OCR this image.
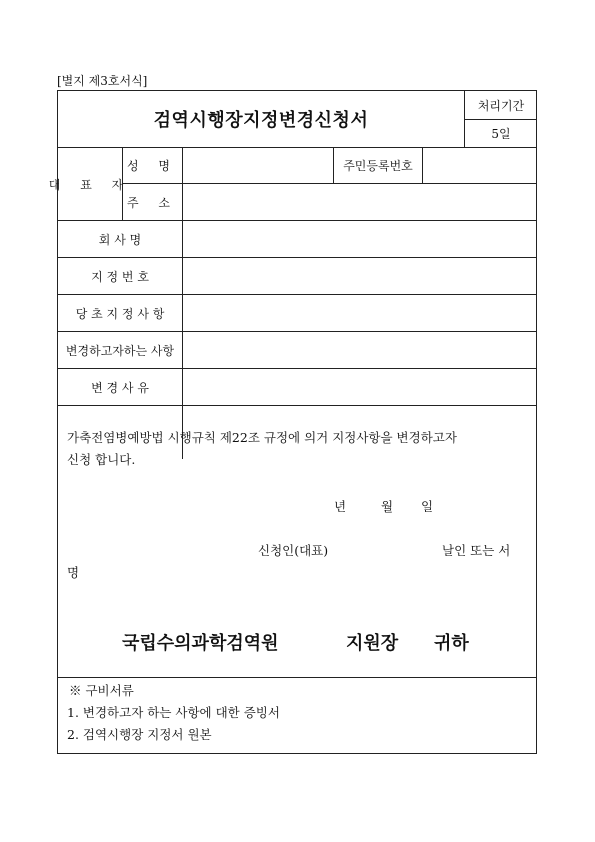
[별지 제3호서식]
검역시행장지정변경신청서
처리기간
5일
대 표 자
성 명	주민등록번호
주 소
회 사 명
지 정 번 호
당 초 지 정 사 항
변경하고자하는 사항
변 경 사 유
가축전염병예방법 시행규칙 제22조 규정에 의거 지정사항을 변경하고자
신청 합니다.
년	월 일
신청인(대표)	날인 또는 서
명
국립수의과학검역원	지원장 귀하
※ 구비서류
1. 변경하고자 하는 사항에 대한 증빙서
2. 검역시행장 지정서 원본
